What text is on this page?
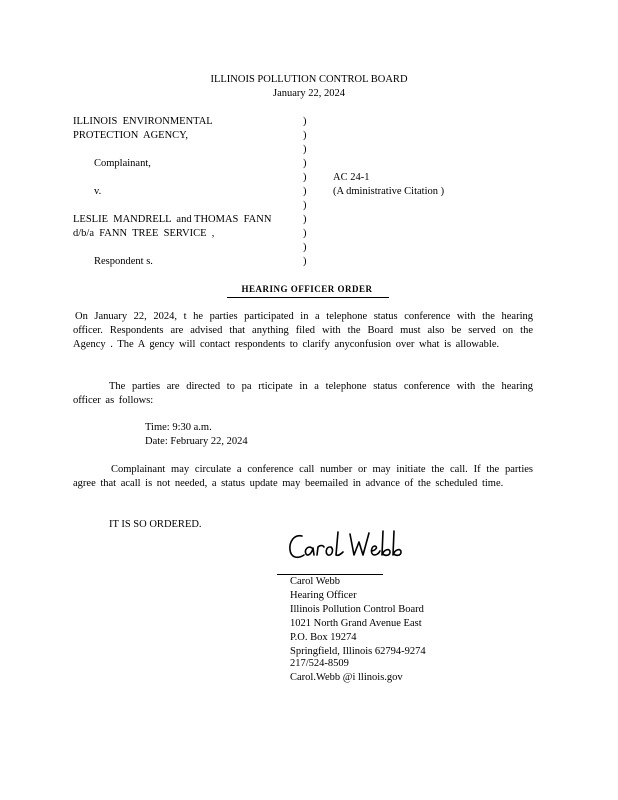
ILLINOIS POLLUTION CONTROL BOARD
January 22, 2024
ILLINOIS  ENVIRONMENTAL
PROTECTION  AGENCY,
Complainant,
v.
LESLIE  MANDRELL  and THOMAS  FANN
d/b/a  FANN  TREE  SERVICE  ,
Respondent s.
)
)
)
)
)
)
)
)
)
)
)
AC 24-1
(A dministrative Citation )
HEARING OFFICER ORDER
On January 22, 2024, t he parties participated in a telephone status conference with the hearing officer. Respondents are advised that anything filed with the Board must also be served on the Agency . The A gency will contact respondents to clarify anyconfusion over what is allowable.
The parties are directed to pa rticipate in a telephone status conference with the hearing officer as follows:
Time: 9:30 a.m.
Date: February 22, 2024
Complainant may circulate a conference call number or may initiate the call. If the parties agree that acall is not needed, a status update may beemailed in advance of the scheduled time.
IT IS SO ORDERED.
Carol Webb
Hearing Officer
Illinois Pollution Control Board
1021 North Grand Avenue East
P.O. Box 19274
Springfield, Illinois 62794-9274
217/524-8509
Carol.Webb @i llinois.gov
